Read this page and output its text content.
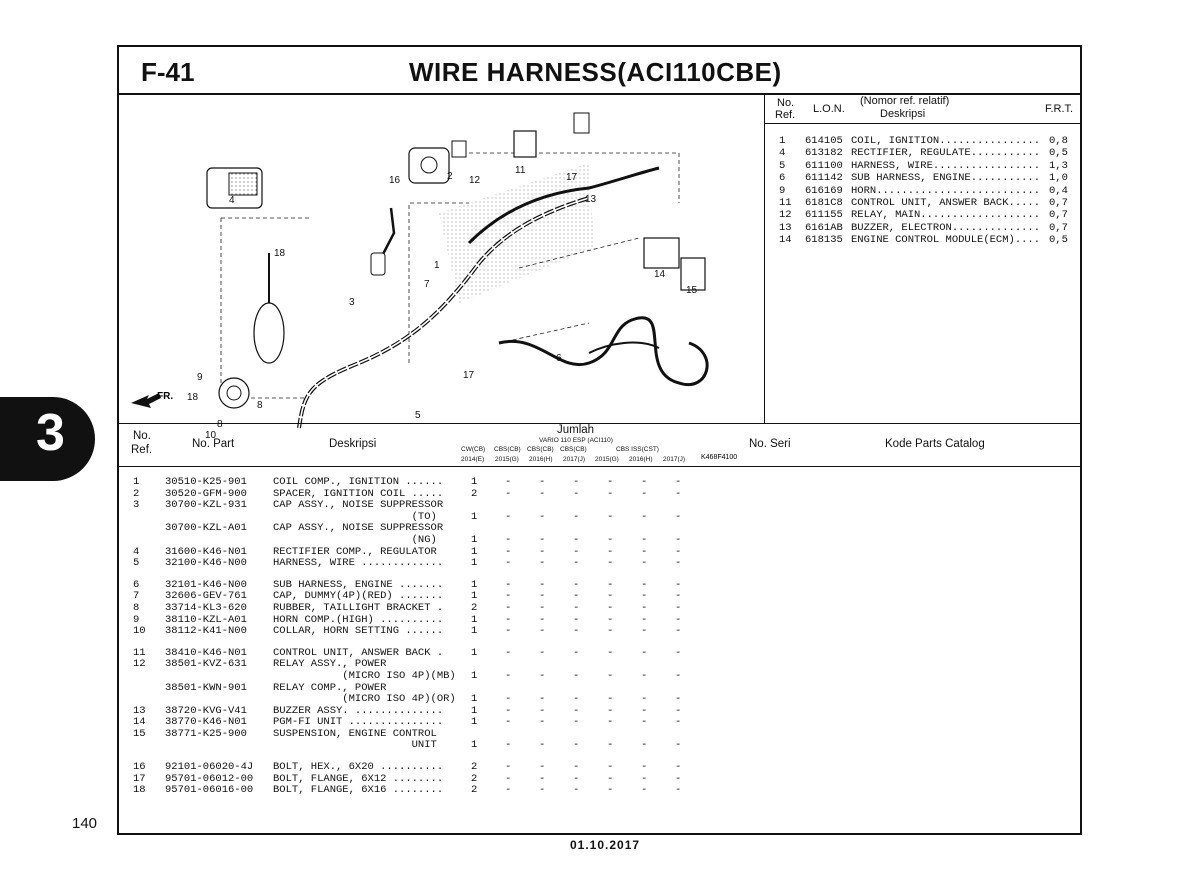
3
140
F-41	WIRE HARNESS(ACI110CBE)
FR.
1
2
3
4
5
6
7
8
8
9
10
11
12
13
14
15
16	17
17
18
18
K468F4100
No.
Ref. L.O.N.
(Nomor ref. relatif)
Deskripsi	F.R.T.
1 614105 COIL, IGNITION................ 0,8
4 613182 RECTIFIER, REGULATE........... 0,5
5 611100 HARNESS, WIRE................. 1,3
6 611142 SUB HARNESS, ENGINE........... 1,0
9 616169 HORN.......................... 0,4
11 6181C8 CONTROL UNIT, ANSWER BACK..... 0,7
12 611155 RELAY, MAIN................... 0,7
13 6161AB BUZZER, ELECTRON.............. 0,7
14 618135 ENGINE CONTROL MODULE(ECM).... 0,5
No.
Ref.	No. Part	Deskripsi
Jumlah
VARIO 110 ESP (ACI110)
CW(CB) CBS(CB) CBS(CB) CBS(CB)	CBS ISS(CST)
2014(E) 2015(G) 2016(H) 2017(J) 2015(G) 2016(H) 2017(J)
No. Seri	Kode Parts Catalog
1 30510-K25-901 COIL COMP., IGNITION ......	1	-	-	-	-	-	-
2 30520-GFM-900 SPACER, IGNITION COIL .....	2	-	-	-	-	-	-
3 30700-KZL-931 CAP ASSY., NOISE SUPPRESSOR
(TO)	1	-	-	-	-	-	-
30700-KZL-A01 CAP ASSY., NOISE SUPPRESSOR
(NG)	1	-	-	-	-	-	-
4 31600-K46-N01 RECTIFIER COMP., REGULATOR	1	-	-	-	-	-	-
5 32100-K46-N00 HARNESS, WIRE .............	1	-	-	-	-	-	-
6 32101-K46-N00 SUB HARNESS, ENGINE .......	1	-	-	-	-	-	-
7 32606-GEV-761 CAP, DUMMY(4P)(RED) .......	1	-	-	-	-	-	-
8 33714-KL3-620 RUBBER, TAILLIGHT BRACKET .	2	-	-	-	-	-	-
9 38110-KZL-A01 HORN COMP.(HIGH) ..........	1	-	-	-	-	-	-
10 38112-K41-N00 COLLAR, HORN SETTING ......	1	-	-	-	-	-	-
11 38410-K46-N01 CONTROL UNIT, ANSWER BACK .	1	-	-	-	-	-	-
12 38501-KVZ-631 RELAY ASSY., POWER
(MICRO ISO 4P)(MB) 1	-	-	-	-	-	-
38501-KWN-901 RELAY COMP., POWER
(MICRO ISO 4P)(OR) 1	-	-	-	-	-	-
13 38720-KVG-V41 BUZZER ASSY. ..............	1	-	-	-	-	-	-
14 38770-K46-N01 PGM-FI UNIT ...............	1	-	-	-	-	-	-
15 38771-K25-900 SUSPENSION, ENGINE CONTROL
UNIT	1	-	-	-	-	-	-
16 92101-06020-4J BOLT, HEX., 6X20 ..........	2	-	-	-	-	-	-
17 95701-06012-00 BOLT, FLANGE, 6X12 ........	2	-	-	-	-	-	-
18 95701-06016-00 BOLT, FLANGE, 6X16 ........	2	-	-	-	-	-	-
01.10.2017
